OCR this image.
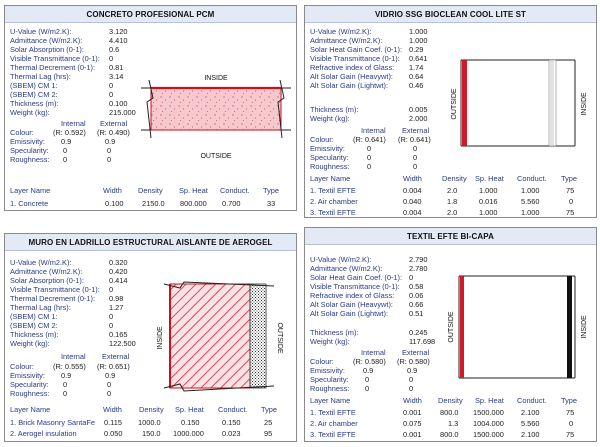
CONCRETO PROFESIONAL PCM
U-Value (W/m2.K):	3.120
Admittance (W/m2.K):	4.410
Solar Absorption (0-1):	0.6
Visible Transmittance (0-1): 0
Thermal Decrement (0-1): 0.81
Thermal Lag (hrs):	3.14
(SBEM) CM 1:	0
(SBEM) CM 2:	0
Thickness (m):	0.100
Weight (kg):	215.000
Internal External
Colour:	(R: 0.592) (R: 0.490)
Emissivity: 0.9	0.9
Specularity: 0	0
Roughness: 0	0
Layer Name	Width Density Sp. Heat Conduct. Type
1. Concrete	0.100	2150.0 800.000 0.700	33
INSIDE
OUTSIDE
VIDRIO SSG BIOCLEAN COOL LITE ST
U-Value (W/m2.K):	1.000
Admittance (W/m2.K):	1.000
Solar Heat Gain Coef. (0-1): 0.29
Visible Transmittance (0-1): 0.641
Refractive index of Glass: 1.74
Alt Solar Gain (Heavywt): 0.64
Alt Solar Gain (Lightwt):	0.46
Thickness (m):	0.005
Weight (kg):	2.000
Internal External
Colour:	(R: 0.641) (R: 0.641)
Emissivity:	0	0
Specularity: 0	0
Roughness: 0	0
Layer Name	Width	Density Sp. Heat Conduct. Type
1. Textil EFTE	0.004	2.0	1.000	1.000	75
2. Air chamber	0.040	1.8	0.016	5.560	0
3. Textil EFTE	0.004	2.0	1.000	1.000	75
OUTSIDE	INSIDE
MURO EN LADRILLO ESTRUCTURAL AISLANTE DE AEROGEL
U-Value (W/m2.K):	0.320
Admittance (W/m2.K):	0.420
Solar Absorption (0-1):	0.414
Visible Transmittance (0-1): 0
Thermal Decrement (0-1): 0.98
Thermal Lag (hrs):	1.27
(SBEM) CM 1:	0
(SBEM) CM 2:	0
Thickness (m):	0.165
Weight (kg):	122.500
Internal External
Colour:	(R: 0.555) (R: 0.651)
Emissivity: 0.9	0.9
Specularity: 0	0
Roughness: 0	0
Layer Name	Width Density Sp. Heat Conduct. Type
1. Brick Masonry SantaFe 0.115 1000.0	0.150	0.150	25
2. Aerogel insulation	0.050	150.0 1000.000 0.023	95
INSIDE	OUTSIDE
TEXTIL EFTE BI-CAPA
U-Value (W/m2.K):	2.790
Admittance (W/m2.K):	2.780
Solar Heat Gain Coef. (0-1): 0
Visible Transmittance (0-1): 0.58
Refractive index of Glass: 0.06
Alt Solar Gain (Heavywt): 0.66
Alt Solar Gain (Lightwt):	0.51
Thickness (m):	0.245
Weight (kg):	117.698
Internal External
Colour:	(R: 0.580) (R: 0.580)
Emissivity: 0.9	0.9
Specularity: 0	0
Roughness: 0	0
Layer Name	Width Density Sp. Heat Conduct. Type
1. Textil EFTE	0.001	800.0 1500.000 2.100	75
2. Air chamber	0.075	1.3 1004.000 5.560	0
3. Textil EFTE	0.001	800.0 1500.000 2.100	75
OUTSIDE	INSIDE
